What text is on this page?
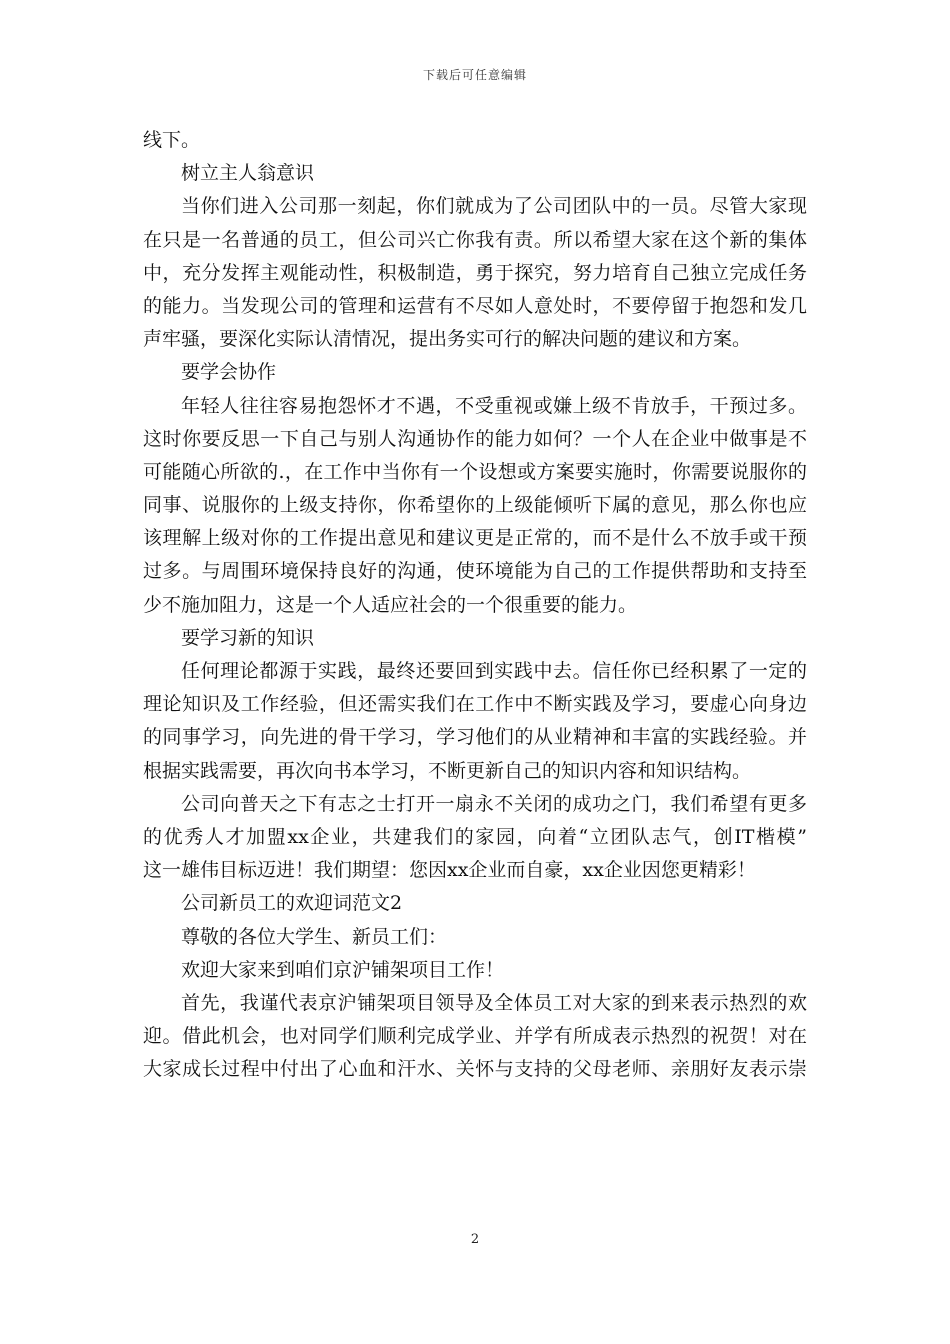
下载后可任意编辑
线下。
树立主人翁意识
当你们进入公司那一刻起，你们就成为了公司团队中的一员。尽管大家现
在只是一名普通的员工，但公司兴亡你我有责。所以希望大家在这个新的集体
中，充分发挥主观能动性，积极制造，勇于探究，努力培育自己独立完成任务
的能力。当发现公司的管理和运营有不尽如人意处时，不要停留于抱怨和发几
声牢骚，要深化实际认清情况，提出务实可行的解决问题的建议和方案。
要学会协作
年轻人往往容易抱怨怀才不遇，不受重视或嫌上级不肯放手，干预过多。
这时你要反思一下自己与别人沟通协作的能力如何？一个人在企业中做事是不
可能随心所欲的.，在工作中当你有一个设想或方案要实施时，你需要说服你的
同事、说服你的上级支持你，你希望你的上级能倾听下属的意见，那么你也应
该理解上级对你的工作提出意见和建议更是正常的，而不是什么不放手或干预
过多。与周围环境保持良好的沟通，使环境能为自己的工作提供帮助和支持至
少不施加阻力，这是一个人适应社会的一个很重要的能力。
要学习新的知识
任何理论都源于实践，最终还要回到实践中去。信任你已经积累了一定的
理论知识及工作经验，但还需实我们在工作中不断实践及学习，要虚心向身边
的同事学习，向先进的骨干学习，学习他们的从业精神和丰富的实践经验。并
根据实践需要，再次向书本学习，不断更新自己的知识内容和知识结构。
公司向普天之下有志之士打开一扇永不关闭的成功之门，我们希望有更多
的优秀人才加盟xx企业，共建我们的家园，向着“立团队志气，创IT楷模”
这一雄伟目标迈进！我们期望：您因xx企业而自豪，xx企业因您更精彩！
公司新员工的欢迎词范文2
尊敬的各位大学生、新员工们：
欢迎大家来到咱们京沪铺架项目工作！
首先，我谨代表京沪铺架项目领导及全体员工对大家的到来表示热烈的欢
迎。借此机会，也对同学们顺利完成学业、并学有所成表示热烈的祝贺！对在
大家成长过程中付出了心血和汗水、关怀与支持的父母老师、亲朋好友表示崇
2
